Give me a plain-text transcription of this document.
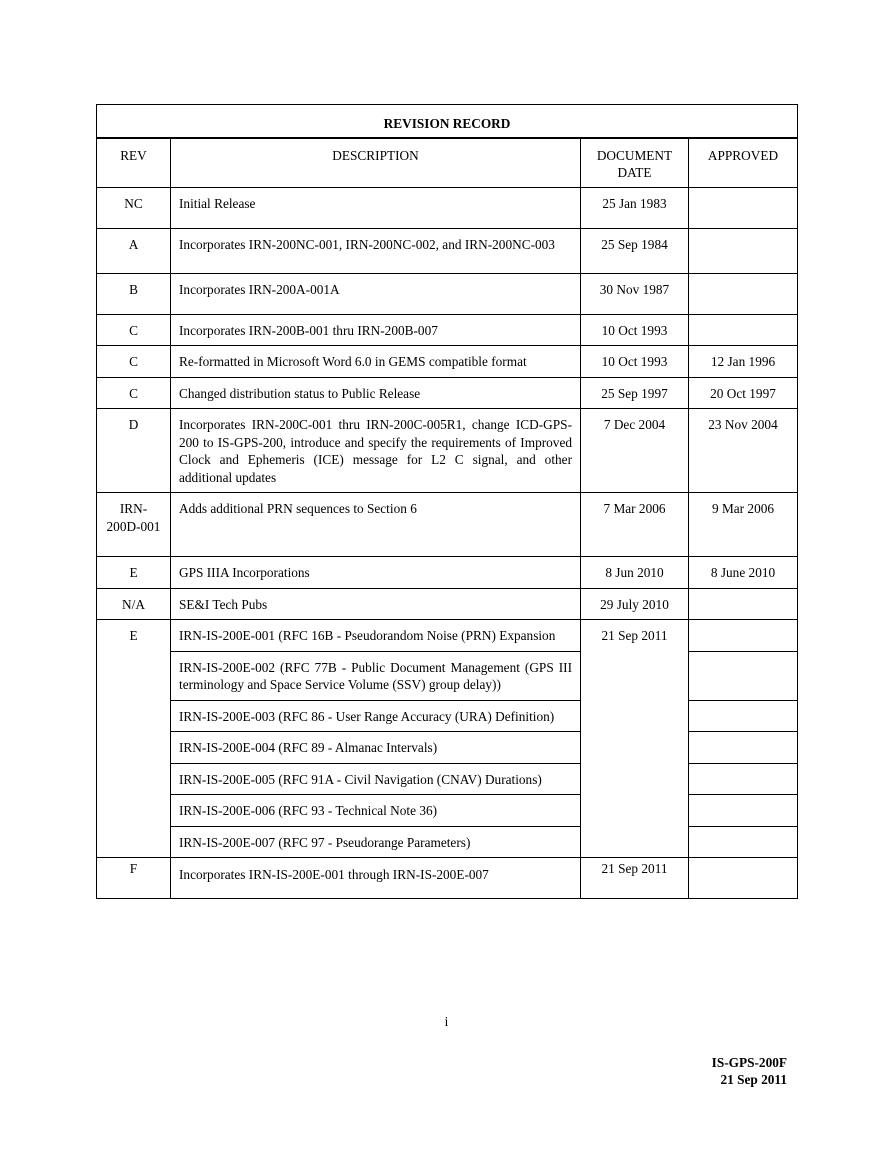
REVISION RECORD			
REV	DESCRIPTION	DOCUMENT DATE	APPROVED
NC	Initial Release	25 Jan 1983	
A	Incorporates IRN-200NC-001, IRN-200NC-002, and IRN-200NC-003	25 Sep 1984	
B	Incorporates IRN-200A-001A	30 Nov 1987	
C	Incorporates IRN-200B-001 thru IRN-200B-007	10 Oct 1993	
C	Re-formatted in Microsoft Word 6.0 in GEMS compatible format	10 Oct 1993	12 Jan 1996
C	Changed distribution status to Public Release	25 Sep 1997	20 Oct 1997
D	Incorporates IRN-200C-001 thru IRN-200C-005R1, change ICD-GPS-200 to IS-GPS-200, introduce and specify the requirements of Improved Clock and Ephemeris (ICE) message for L2 C signal, and other additional updates	7 Dec 2004	23 Nov 2004
IRN-200D-001	Adds additional PRN sequences to Section 6	7 Mar 2006	9 Mar 2006
E	GPS IIIA Incorporations	8 Jun 2010	8 June 2010
N/A	SE&I Tech Pubs	29 July 2010	
E	IRN-IS-200E-001 (RFC 16B - Pseudorandom Noise (PRN) Expansion	21 Sep 2011	
	IRN-IS-200E-002 (RFC 77B - Public Document Management (GPS III terminology and Space Service Volume (SSV) group delay))		
	IRN-IS-200E-003 (RFC 86 - User Range Accuracy (URA) Definition)		
	IRN-IS-200E-004 (RFC 89 - Almanac Intervals)		
	IRN-IS-200E-005 (RFC 91A - Civil Navigation (CNAV) Durations)		
	IRN-IS-200E-006 (RFC 93 - Technical Note 36)		
	IRN-IS-200E-007 (RFC 97 - Pseudorange Parameters)		
F	Incorporates IRN-IS-200E-001 through IRN-IS-200E-007	21 Sep 2011	
i
IS-GPS-200F
21 Sep 2011
